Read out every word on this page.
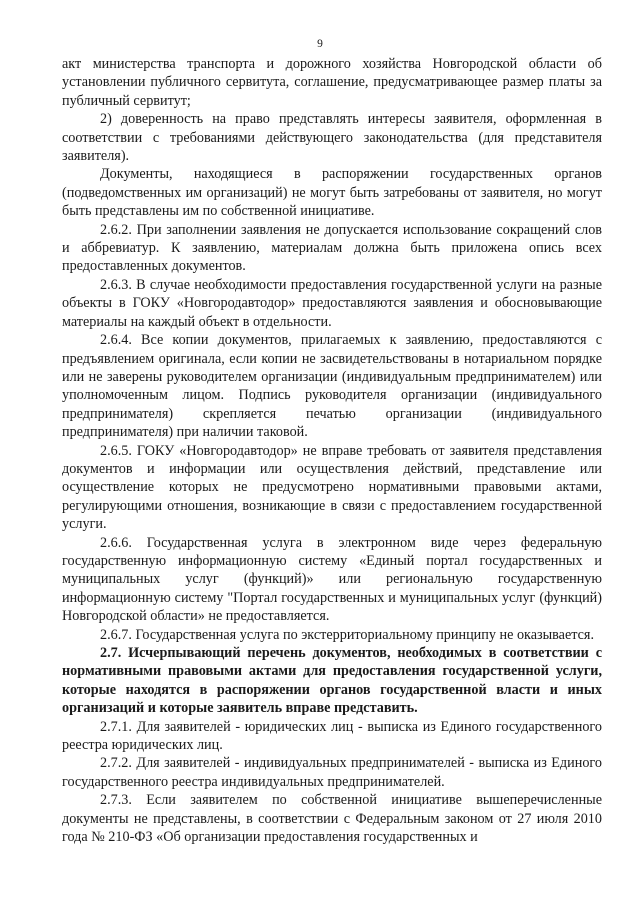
9

акт министерства транспорта и дорожного хозяйства Новгородской области об установлении публичного сервитута, соглашение, предусматривающее размер платы за публичный сервитут;

2) доверенность на право представлять интересы заявителя, оформленная в соответствии с требованиями действующего законодательства (для представителя заявителя).

Документы, находящиеся в распоряжении государственных органов (подведомственных им организаций) не могут быть затребованы от заявителя, но могут быть представлены им по собственной инициативе.

2.6.2. При заполнении заявления не допускается использование сокращений слов и аббревиатур. К заявлению, материалам должна быть приложена опись всех предоставленных документов.

2.6.3. В случае необходимости предоставления государственной услуги на разные объекты в ГОКУ «Новгородавтодор» предоставляются заявления и обосновывающие материалы на каждый объект в отдельности.

2.6.4. Все копии документов, прилагаемых к заявлению, предоставляются с предъявлением оригинала, если копии не засвидетельствованы в нотариальном порядке или не заверены руководителем организации (индивидуальным предпринимателем) или уполномоченным лицом. Подпись руководителя организации (индивидуального предпринимателя) скрепляется печатью организации (индивидуального предпринимателя) при наличии таковой.

2.6.5. ГОКУ «Новгородавтодор» не вправе требовать от заявителя представления документов и информации или осуществления действий, представление или осуществление которых не предусмотрено нормативными правовыми актами, регулирующими отношения, возникающие в связи с предоставлением государственной услуги.

2.6.6. Государственная услуга в электронном виде через федеральную государственную информационную систему «Единый портал государственных и муниципальных услуг (функций)» или региональную государственную информационную систему "Портал государственных и муниципальных услуг (функций) Новгородской области» не предоставляется.

2.6.7. Государственная услуга по экстерриториальному принципу не оказывается.

2.7. Исчерпывающий перечень документов, необходимых в соответствии с нормативными правовыми актами для предоставления государственной услуги, которые находятся в распоряжении органов государственной власти и иных организаций и которые заявитель вправе представить.

2.7.1. Для заявителей - юридических лиц - выписка из Единого государственного реестра юридических лиц.

2.7.2. Для заявителей - индивидуальных предпринимателей - выписка из Единого государственного реестра индивидуальных предпринимателей.

2.7.3. Если заявителем по собственной инициативе вышеперечисленные документы не представлены, в соответствии с Федеральным законом от 27 июля 2010 года № 210-ФЗ «Об организации предоставления государственных и
